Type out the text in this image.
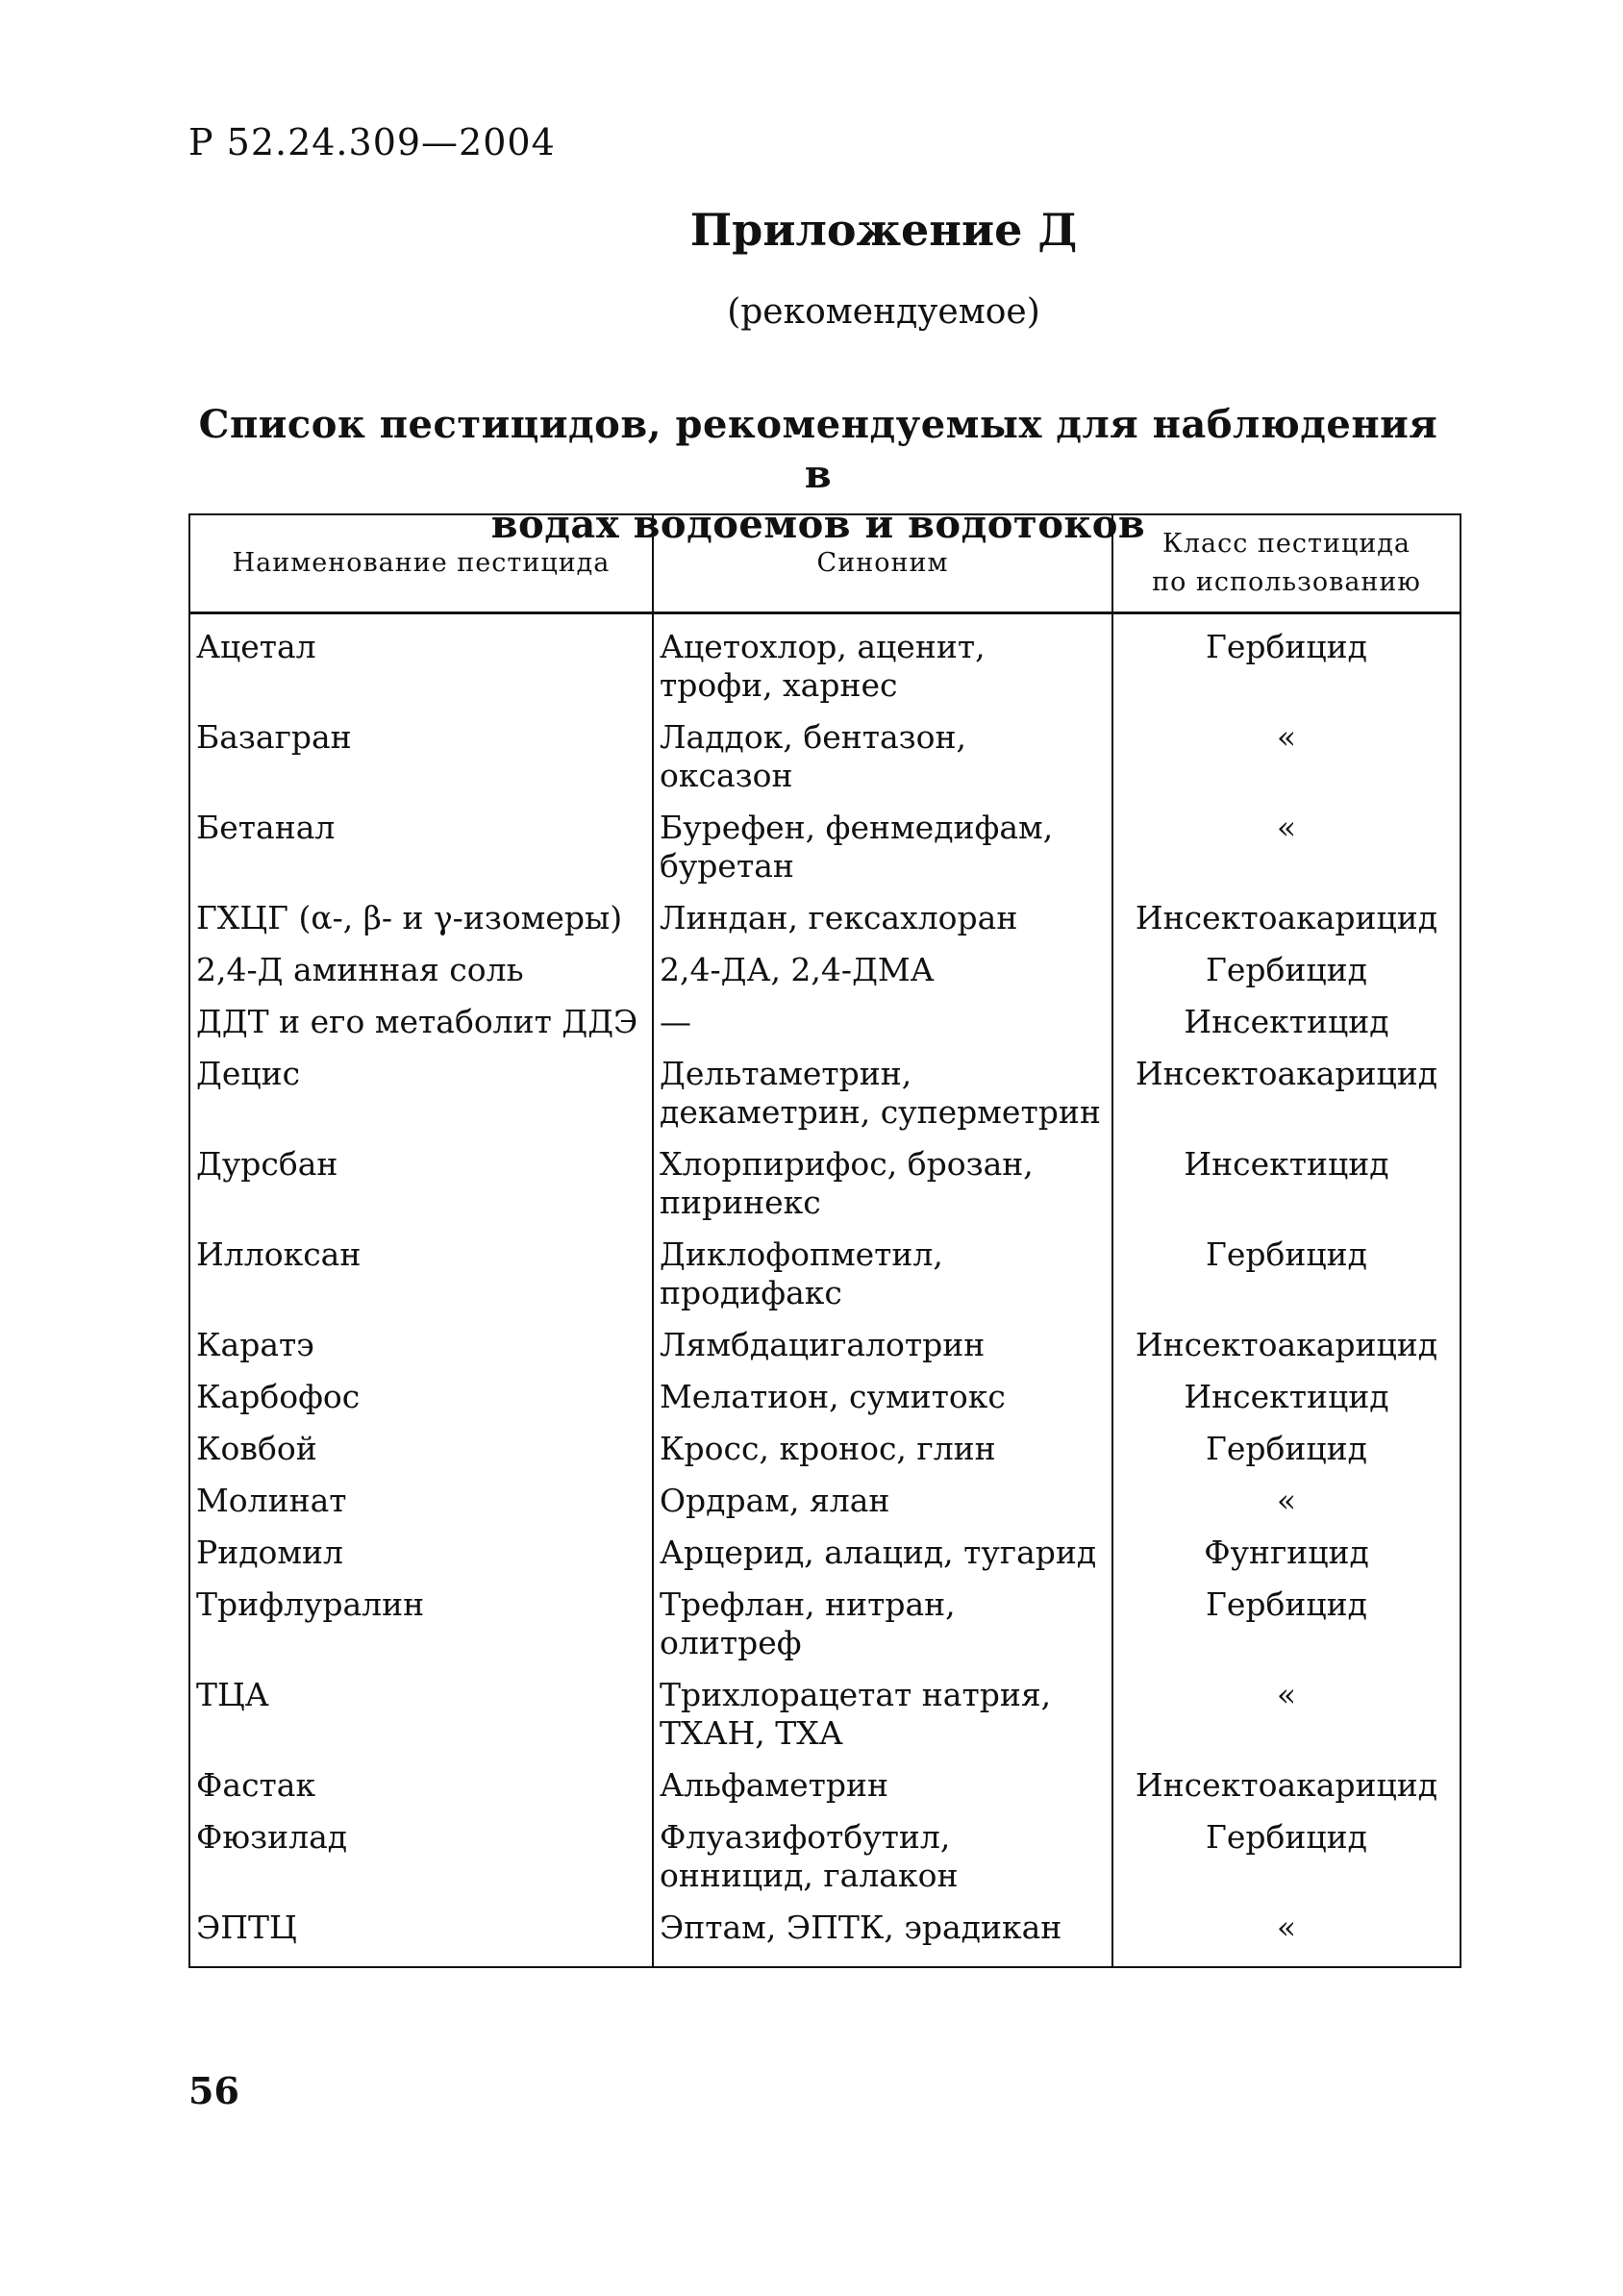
Р 52.24.309—2004
Приложение Д
(рекомендуемое)
Список пестицидов, рекомендуемых для наблюдения в
водах водоемов и водотоков
Наименование пестицида	Синоним	Класс пестицида
по использованию

Ацетал	Ацетохлор, аценит, трофи, харнес	Гербицид
Базагран	Ладдок, бентазон, оксазон	«
Бетанал	Бурефен, фенмедифам, буретан	«
ГХЦГ (α-, β- и γ-изомеры)	Линдан, гексахлоран	Инсектоакарицид
2,4-Д аминная соль	2,4-ДА, 2,4-ДМА	Гербицид
ДДТ и его метаболит ДДЭ	—	Инсектицид
Децис	Дельтаметрин, декаметрин, суперметрин	Инсектоакарицид
Дурсбан	Хлорпирифос, брозан, пиринекс	Инсектицид
Иллоксан	Диклофопметил, продифакс	Гербицид
Каратэ	Лямбдацигалотрин	Инсектоакарицид
Карбофос	Мелатион, сумитокс	Инсектицид
Ковбой	Кросс, кронос, глин	Гербицид
Молинат	Ордрам, ялан	«
Ридомил	Арцерид, алацид, тугарид	Фунгицид
Трифлуралин	Трефлан, нитран, олитреф	Гербицид
ТЦА	Трихлорацетат натрия, ТХАН, ТХА	«
Фастак	Альфаметрин	Инсектоакарицид
Фюзилад	Флуазифотбутил, онницид, галакон	Гербицид
ЭПТЦ	Эптам, ЭПТК, эрадикан	«
56
